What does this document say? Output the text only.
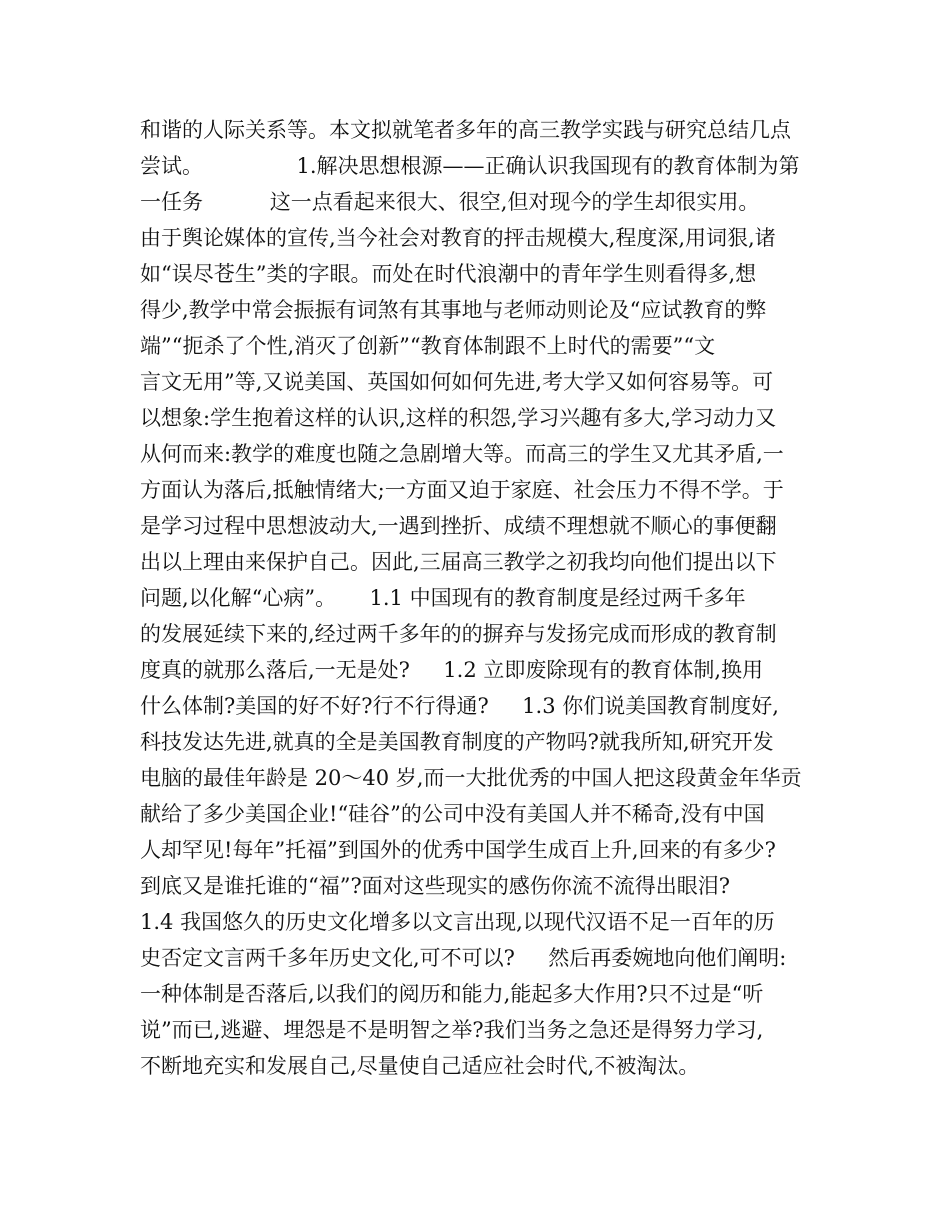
和谐的人际关系等。本文拟就笔者多年的高三教学实践与研究总结几点
尝试。              1.解决思想根源——正确认识我国现有的教育体制为第
一任务          这一点看起来很大、很空,但对现今的学生却很实用。
由于舆论媒体的宣传,当今社会对教育的抨击规模大,程度深,用词狠,诸
如“误尽苍生”类的字眼。而处在时代浪潮中的青年学生则看得多,想
得少,教学中常会振振有词煞有其事地与老师动则论及“应试教育的弊
端”“扼杀了个性,消灭了创新”“教育体制跟不上时代的需要”“文
言文无用”等,又说美国、英国如何如何先进,考大学又如何容易等。可
以想象:学生抱着这样的认识,这样的积怨,学习兴趣有多大,学习动力又
从何而来:教学的难度也随之急剧增大等。而高三的学生又尤其矛盾,一
方面认为落后,抵触情绪大;一方面又迫于家庭、社会压力不得不学。于
是学习过程中思想波动大,一遇到挫折、成绩不理想就不顺心的事便翻
出以上理由来保护自己。因此,三届高三教学之初我均向他们提出以下
问题,以化解“心病”。     1.1 中国现有的教育制度是经过两千多年
的发展延续下来的,经过两千多年的的摒弃与发扬完成而形成的教育制
度真的就那么落后,一无是处?     1.2 立即废除现有的教育体制,换用
什么体制?美国的好不好?行不行得通?     1.3 你们说美国教育制度好,
科技发达先进,就真的全是美国教育制度的产物吗?就我所知,研究开发
电脑的最佳年龄是 20～40 岁,而一大批优秀的中国人把这段黄金年华贡
献给了多少美国企业!“硅谷”的公司中没有美国人并不稀奇,没有中国
人却罕见!每年”托福”到国外的优秀中国学生成百上升,回来的有多少?
到底又是谁托谁的“福”?面对这些现实的感伤你流不流得出眼泪?
1.4 我国悠久的历史文化增多以文言出现,以现代汉语不足一百年的历
史否定文言两千多年历史文化,可不可以?     然后再委婉地向他们阐明:
一种体制是否落后,以我们的阅历和能力,能起多大作用?只不过是“听
说”而已,逃避、埋怨是不是明智之举?我们当务之急还是得努力学习,
不断地充实和发展自己,尽量使自己适应社会时代,不被淘汰。
